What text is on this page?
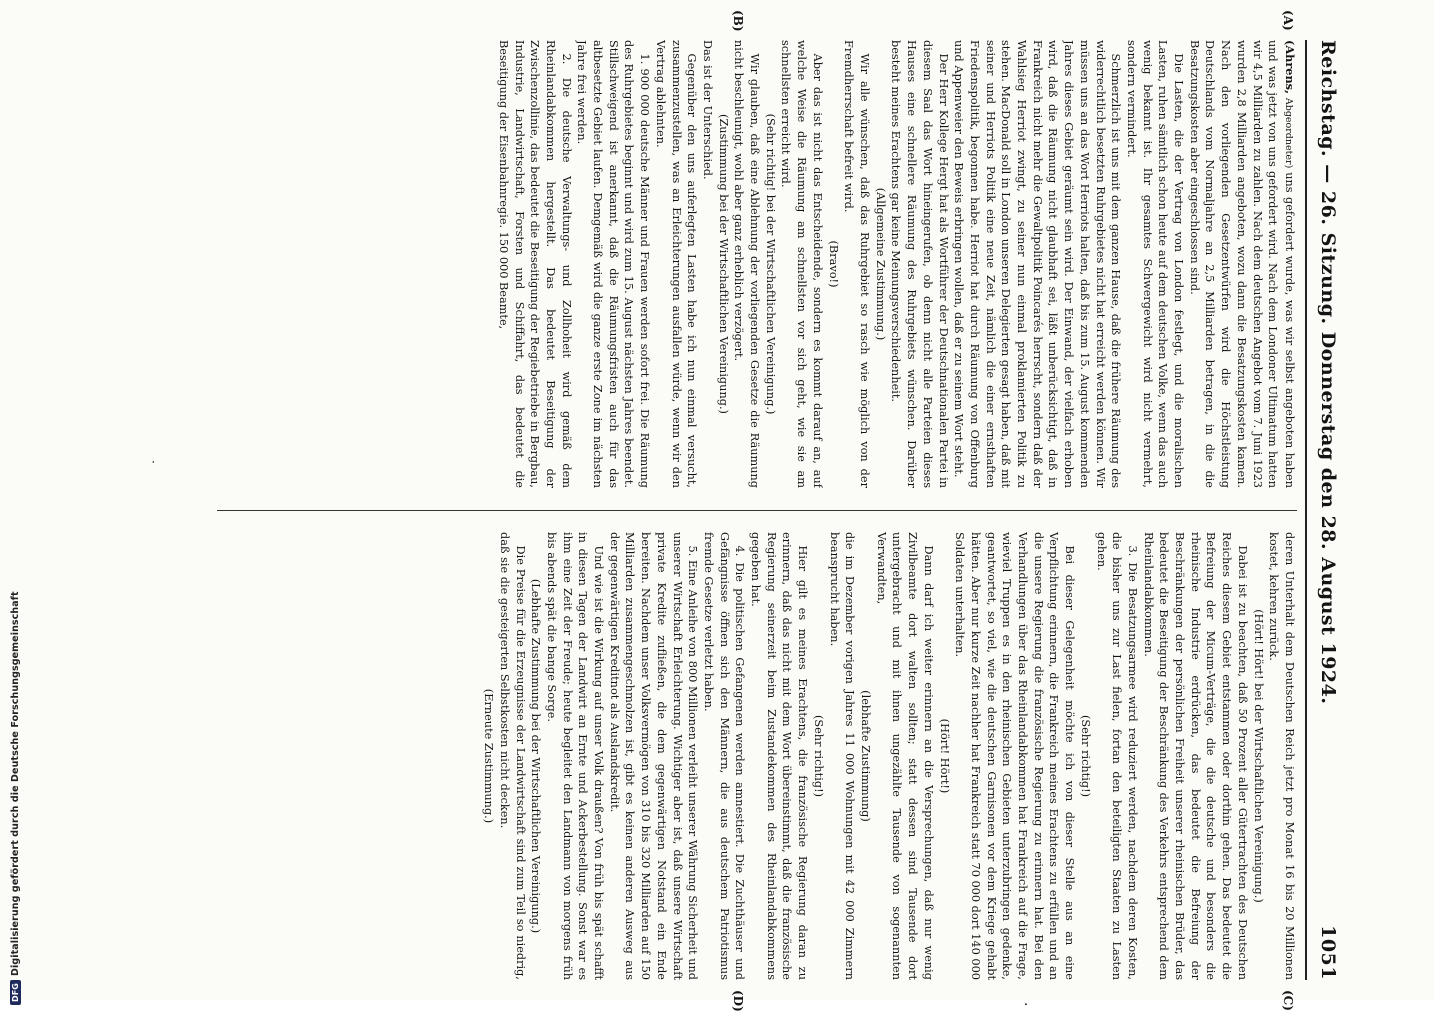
DFGDigitalisierung gefördert durch die Deutsche Forschungsgemeinschaft
Reichstag. — 26. Sitzung. Donnerstag den 28. August 1924.
1051
(A)
(B)
(C)
(D)	·
·

(Ahrens, Abgeordneter) uns gefordert wurde, was wir selbst angeboten haben und was jetzt von uns gefordert wird. Nach dem Londoner Ultimatum hatten wir 4,5 Milliarden zu zahlen. Nach dem deutschen Angebot vom 7. Juni 1923 wurden 2,8 Milliarden angeboten, wozu dann die Besatzungskosten kamen. Nach den vorliegenden Gesetzentwürfen wird die Höchstleistung Deutschlands vom Normaljahre an 2,5 Milliarden betragen, in die die Besatzungskosten aber eingeschlossen sind.

Die Lasten, die der Vertrag von London festlegt, und die moralischen Lasten, ruhen sämtlich schon heute auf dem deutschen Volke, wenn das auch wenig bekannt ist. Ihr gesamtes Schwergewicht wird nicht vermehrt, sondern vermindert.

Schmerzlich ist uns mit dem ganzen Hause, daß die frühere Räumung des widerrechtlich besetzten Ruhrgebietes nicht hat erreicht werden können. Wir müssen uns an das Wort Herriots halten, daß bis zum 15. August kommenden Jahres dieses Gebiet geräumt sein wird. Der Einwand, der vielfach erhoben wird, daß die Räumung nicht glaubhaft sei, läßt unberücksichtigt, daß in Frankreich nicht mehr die Gewaltpolitik Poincarés herrscht, sondern daß der Wahlsieg Herriot zwingt, zu seiner nun einmal proklamierten Politik zu stehen. MacDonald soll in London unseren Delegierten gesagt haben, daß mit seiner und Herriots Politik eine neue Zeit, nämlich die einer ernsthaften Friedenspolitik, begonnen habe. Herriot hat durch Räumung von Offenburg und Appenweier den Beweis erbringen wollen, daß er zu seinem Wort steht.

Der Herr Kollege Hergt hat als Wortführer der Deutschnationalen Partei in diesem Saal das Wort hineingerufen, ob denn nicht alle Parteien dieses Hauses eine schnellere Räumung des Ruhrgebiets wünschen. Darüber besteht meines Erachtens gar keine Meinungsverschiedenheit.

(Allgemeine Zustimmung.)

Wir alle wünschen, daß das Ruhrgebiet so rasch wie möglich von der Fremdherrschaft befreit wird.

(Bravo!)

Aber das ist nicht das Entscheidende, sondern es kommt darauf an, auf welche Weise die Räumung am schnellsten vor sich geht, wie sie am schnellsten erreicht wird.

(Sehr richtig! bei der Wirtschaftlichen Vereinigung.)

Wir glauben, daß eine Ablehnung der vorliegenden Gesetze die Räumung nicht beschleunigt, wohl aber ganz erheblich verzögert.

(Zustimmung bei der Wirtschaftlichen Vereinigung.)

Das ist der Unterschied.

Gegenüber den uns auferlegten Lasten habe ich nun einmal versucht, zusammenzustellen, was an Erleichterungen ausfallen würde, wenn wir den Vertrag ablehnten.

1. 900 000 deutsche Männer und Frauen werden sofort frei. Die Räumung des Ruhrgebietes beginnt und wird zum 15. August nächsten Jahres beendet. Stillschweigend ist anerkannt, daß die Räumungsfristen auch für das altbesetzte Gebiet laufen. Demgemäß wird die ganze erste Zone im nächsten Jahre frei werden.

2. Die deutsche Verwaltungs- und Zollhoheit wird gemäß dem Rheinlandabkommen hergestellt. Das bedeutet Beseitigung der Zwischenzollinie, das bedeutet die Beseitigung der Regiebetriebe in Bergbau, Industrie, Landwirtschaft, Forsten und Schiffahrt, das bedeutet die Beseitigung der Eisenbahnregie. 150 000 Beamte,

deren Unterhalt dem Deutschen Reich jetzt pro Monat 16 bis 20 Millionen kostet, kehren zurück.

(Hört! Hört! bei der Wirtschaftlichen Vereinigung.)

Dabei ist zu beachten, daß 50 Prozent aller Gütertrachten des Deutschen Reiches diesem Gebiet entstammen oder dorthin gehen. Das bedeutet die Befreiung der Micum-Verträge, die die deutsche und besonders die rheinische Industrie erdrücken, das bedeutet die Befreiung der Beschränkungen der persönlichen Freiheit unserer rheinischen Brüder, das bedeutet die Beseitigung der Beschränkung des Verkehrs entsprechend dem Rheinlandabkommen.

3. Die Besatzungsarmee wird reduziert werden, nachdem deren Kosten, die bisher uns zur Last fielen, fortan den beteiligten Staaten zu Lasten gehen.

(Sehr richtig!)

Bei dieser Gelegenheit möchte ich von dieser Stelle aus an eine Verpflichtung erinnern, die Frankreich meines Erachtens zu erfüllen und an die unsere Regierung die französische Regierung zu erinnern hat. Bei den Verhandlungen über das Rheinlandabkommen hat Frankreich auf die Frage, wieviel Truppen es in den rheinischen Gebieten unterzubringen gedenke, geantwortet, so viel, wie die deutschen Garnisonen vor dem Kriege gehabt hätten. Aber nur kurze Zeit nachher hat Frankreich statt 70 000 dort 140 000 Soldaten unterhalten.

(Hört! Hört!)

Dann darf ich weiter erinnern an die Versprechungen, daß nur wenig Zivilbeamte dort walten sollten; statt dessen sind Tausende dort untergebracht und mit ihnen ungezählte Tausende von sogenannten Verwandten,

(lebhafte Zustimmung)

die im Dezember vorigen Jahres 11 000 Wohnungen mit 42 000 Zimmern beansprucht haben.

(Sehr richtig!)

Hier gilt es meines Erachtens, die französische Regierung daran zu erinnern, daß das nicht mit dem Wort übereinstimmt, daß die französische Regierung seinerzeit beim Zustandekommen des Rheinlandabkommens gegeben hat.

4. Die politischen Gefangenen werden amnestiert. Die Zuchthäuser und Gefängnisse öffnen sich den Männern, die aus deutschem Patriotismus fremde Gesetze verletzt haben.

5. Eine Anleihe von 800 Millionen verleiht unserer Währung Sicherheit und unserer Wirtschaft Erleichterung. Wichtiger aber ist, daß unsere Wirtschaft private Kredite zufließen, die dem gegenwärtigen Notstand ein Ende bereiten. Nachdem unser Volksvermögen von 310 bis 320 Milliarden auf 150 Milliarden zusammengeschmolzen ist, gibt es keinen anderen Ausweg aus der gegenwärtigen Kreditnot als Auslandskredit.

Und wie ist die Wirkung auf unser Volk draußen? Von früh bis spät schafft in diesen Tagen der Landwirt an Ernte und Ackerbestellung. Sonst war es ihm eine Zeit der Freude; heute begleitet den Landmann von morgens früh bis abends spät die bange Sorge.

(Lebhafte Zustimmung bei der Wirtschaftlichen Vereinigung.)

Die Preise für die Erzeugnisse der Landwirtschaft sind zum Teil so niedrig, daß sie die gesteigerten Selbstkosten nicht decken.

(Erneute Zustimmung.)
